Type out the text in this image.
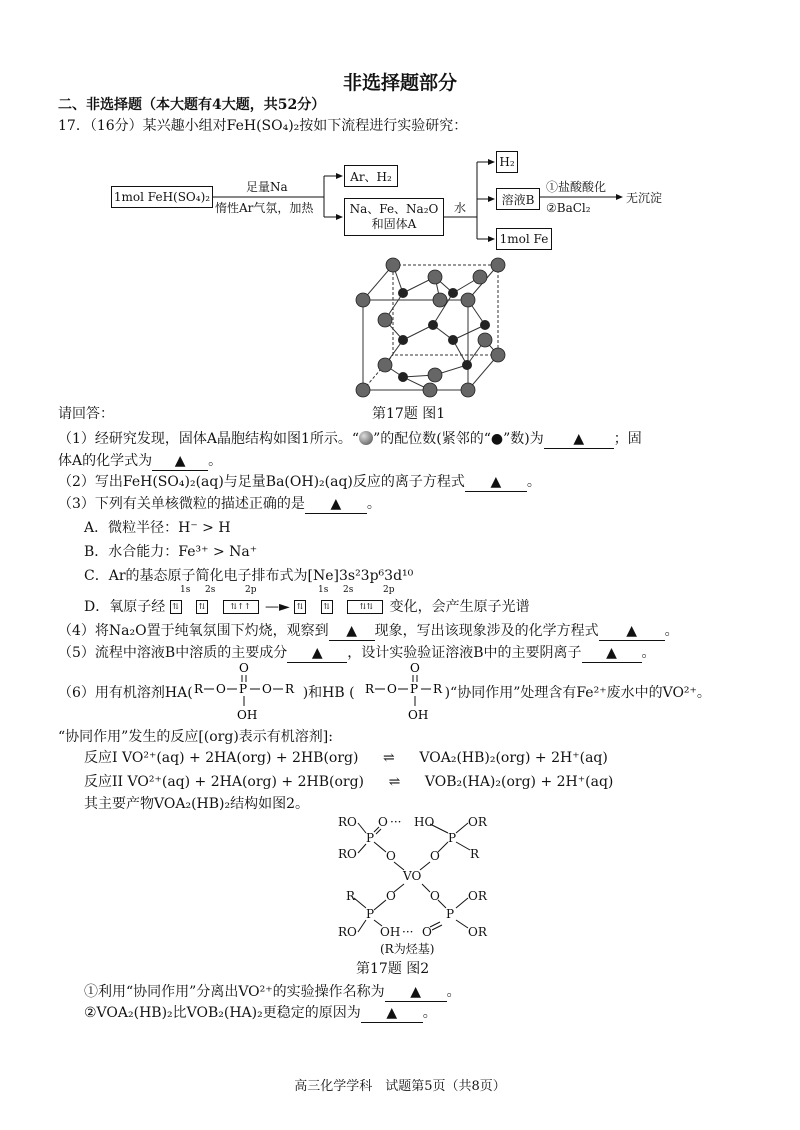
非选择题部分
二、非选择题（本大题有4大题，共52分）
17．（16分）某兴趣小组对FeH(SO₄)₂按如下流程进行实验研究：
1mol FeH(SO₄)₂
足量Na
惰性Ar气氛，加热
Ar、H₂
Na、Fe、Na₂O
和固体A
水
H₂
溶液B
①盐酸酸化
②BaCl₂
无沉淀
1mol Fe
请回答：	第17题 图1
（1）经研究发现，固体A晶胞结构如图1所示。“ ”的配位数(紧邻的“●”数)为 ▲ ；固
体A的化学式为 ▲ 。
（2）写出FeH(SO₄)₂(aq)与足量Ba(OH)₂(aq)反应的离子方程式 ▲ 。
（3）下列有关单核微粒的描述正确的是 ▲ 。
A．微粒半径：H⁻ > H
B．水合能力：Fe³⁺ > Na⁺
C．Ar的基态原子简化电子排布式为[Ne]3s²3p⁶3d¹⁰
1s 2s	2p	1s 2s	2p
D．氧原子经 ⇅ ⇅	⇅↑↑ —► ⇅ ⇅	⇅⇅ 变化，会产生原子光谱
（4）将Na₂O置于纯氧氛围下灼烧，观察到 ▲ 现象，写出该现象涉及的化学方程式 ▲ 。
（5）流程中溶液B中溶质的主要成分 ▲ ，设计实验验证溶液B中的主要阴离子 ▲ 。
（6）用有机溶剂HA(	)和HB (	)“协同作用”处理含有Fe²⁺废水中的VO²⁺。
R O P
O
OH
O R	R O P
O
OH
R
“协同作用”发生的反应[(org)表示有机溶剂]:
反应I VO²⁺(aq) + 2HA(org) + 2HB(org) ⇌ VOA₂(HB)₂(org) + 2H⁺(aq)
反应II VO²⁺(aq) + 2HA(org) + 2HB(org) ⇌ VOB₂(HA)₂(org) + 2H⁺(aq)
其主要产物VOA₂(HB)₂结构如图2。
RO
RO
P
O ··· HO
P
OR
R
O	O
VO
O	O
R
P
RO OH ··· O
P
OR
OR
(R为烃基)
第17题 图2
①利用“协同作用”分离出VO²⁺的实验操作名称为 ▲ 。
②VOA₂(HB)₂比VOB₂(HA)₂更稳定的原因为 ▲ 。
高三化学学科　试题第5页（共8页）
